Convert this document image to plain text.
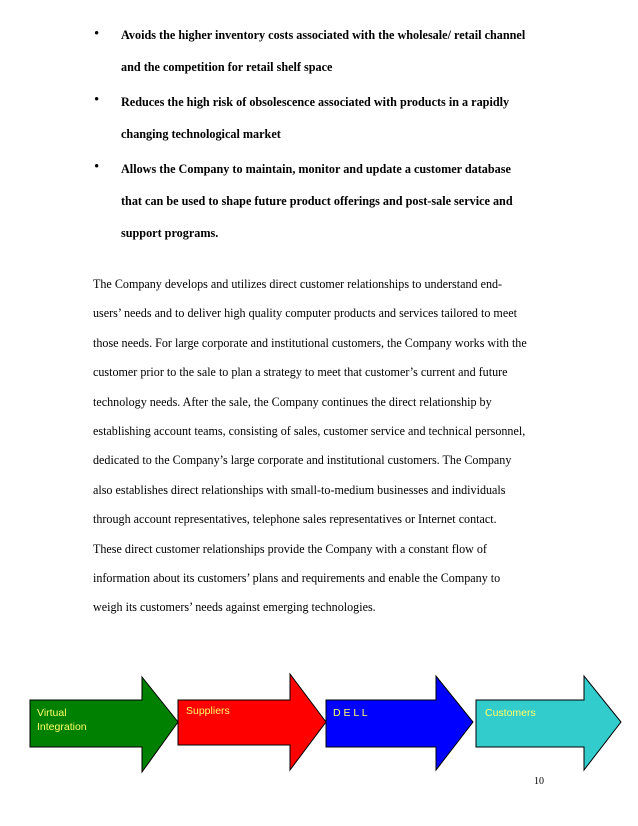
• Avoids the higher inventory costs associated with the wholesale/ retail channel
and the competition for retail shelf space
• Reduces the high risk of obsolescence associated with products in a rapidly
changing technological market
• Allows the Company to maintain, monitor and update a customer database
that can be used to shape future product offerings and post-sale service and
support programs.
The Company develops and utilizes direct customer relationships to understand end-
users’ needs and to deliver high quality computer products and services tailored to meet
those needs. For large corporate and institutional customers, the Company works with the
customer prior to the sale to plan a strategy to meet that customer’s current and future
technology needs. After the sale, the Company continues the direct relationship by
establishing account teams, consisting of sales, customer service and technical personnel,
dedicated to the Company’s large corporate and institutional customers. The Company
also establishes direct relationships with small-to-medium businesses and individuals
through account representatives, telephone sales representatives or Internet contact.
These direct customer relationships provide the Company with a constant flow of
information about its customers’ plans and requirements and enable the Company to
weigh its customers’ needs against emerging technologies.
Virtual
Integration
Suppliers	D E L L	Customers
10
